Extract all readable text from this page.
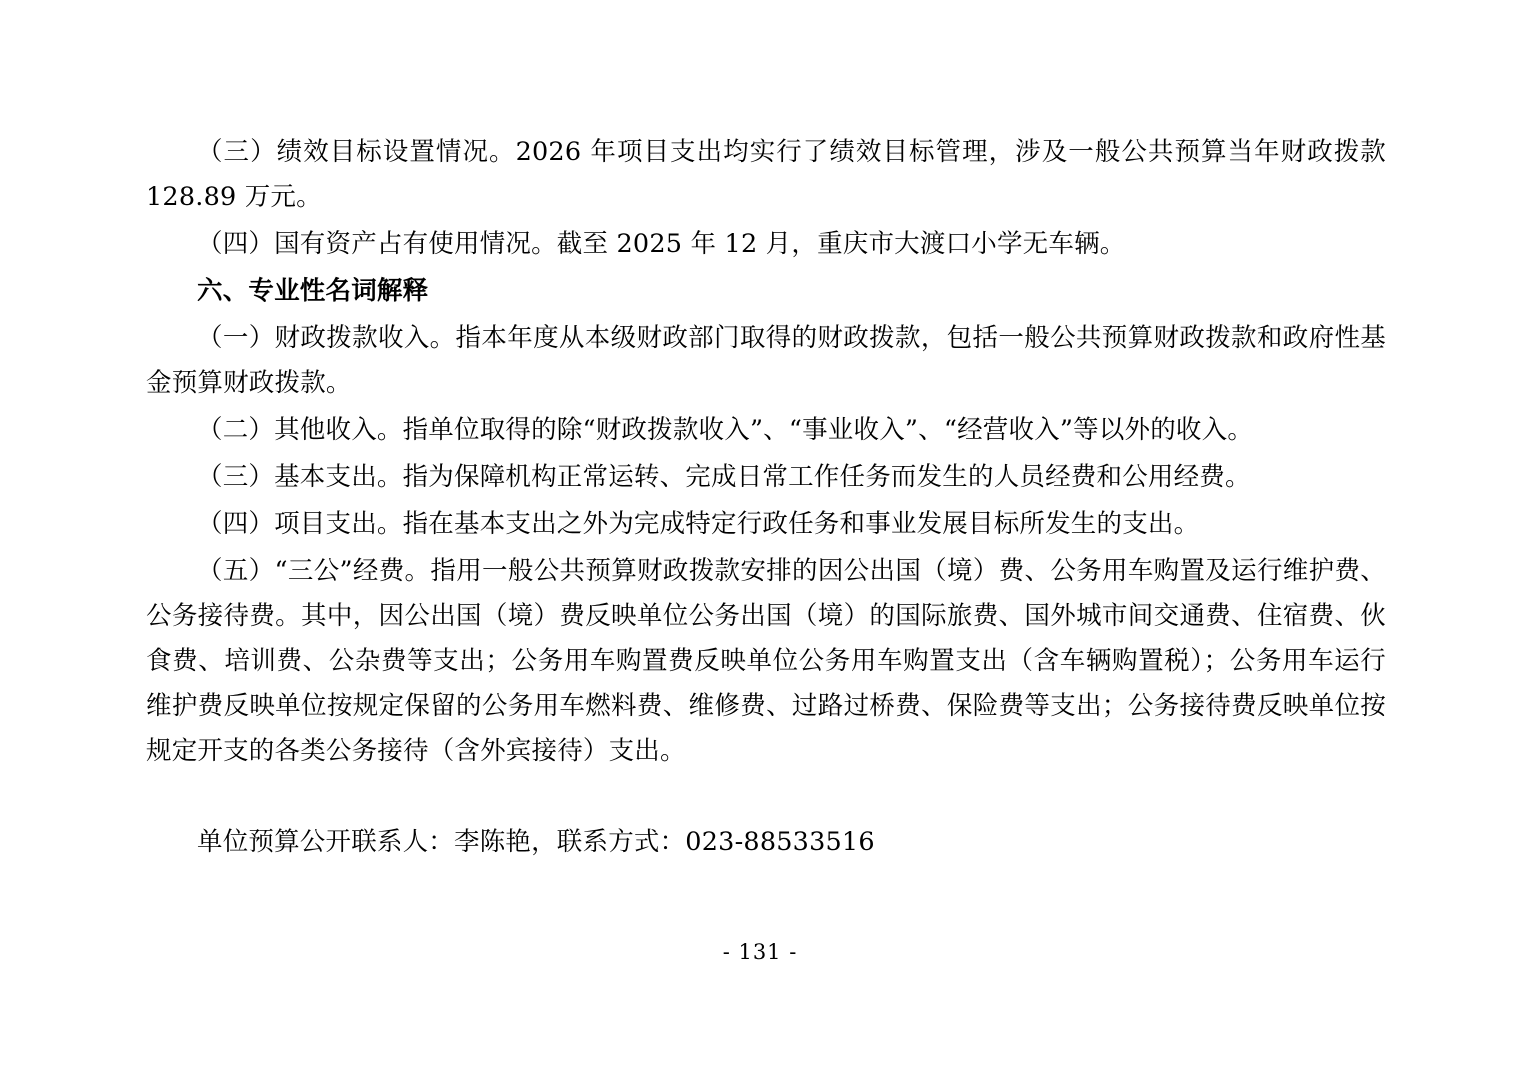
（三）绩效目标设置情况。2026 年项目支出均实行了绩效目标管理，涉及一般公共预算当年财政拨款 128.89 万元。

（四）国有资产占有使用情况。截至 2025 年 12 月，重庆市大渡口小学无车辆。

六、专业性名词解释

（一）财政拨款收入。指本年度从本级财政部门取得的财政拨款，包括一般公共预算财政拨款和政府性基金预算财政拨款。

（二）其他收入。指单位取得的除“财政拨款收入”、“事业收入”、“经营收入”等以外的收入。

（三）基本支出。指为保障机构正常运转、完成日常工作任务而发生的人员经费和公用经费。

（四）项目支出。指在基本支出之外为完成特定行政任务和事业发展目标所发生的支出。

（五）“三公”经费。指用一般公共预算财政拨款安排的因公出国（境）费、公务用车购置及运行维护费、公务接待费。其中，因公出国（境）费反映单位公务出国（境）的国际旅费、国外城市间交通费、住宿费、伙食费、培训费、公杂费等支出；公务用车购置费反映单位公务用车购置支出（含车辆购置税）；公务用车运行维护费反映单位按规定保留的公务用车燃料费、维修费、过路过桥费、保险费等支出；公务接待费反映单位按规定开支的各类公务接待（含外宾接待）支出。

单位预算公开联系人：李陈艳，联系方式：023-88533516

- 131 -
